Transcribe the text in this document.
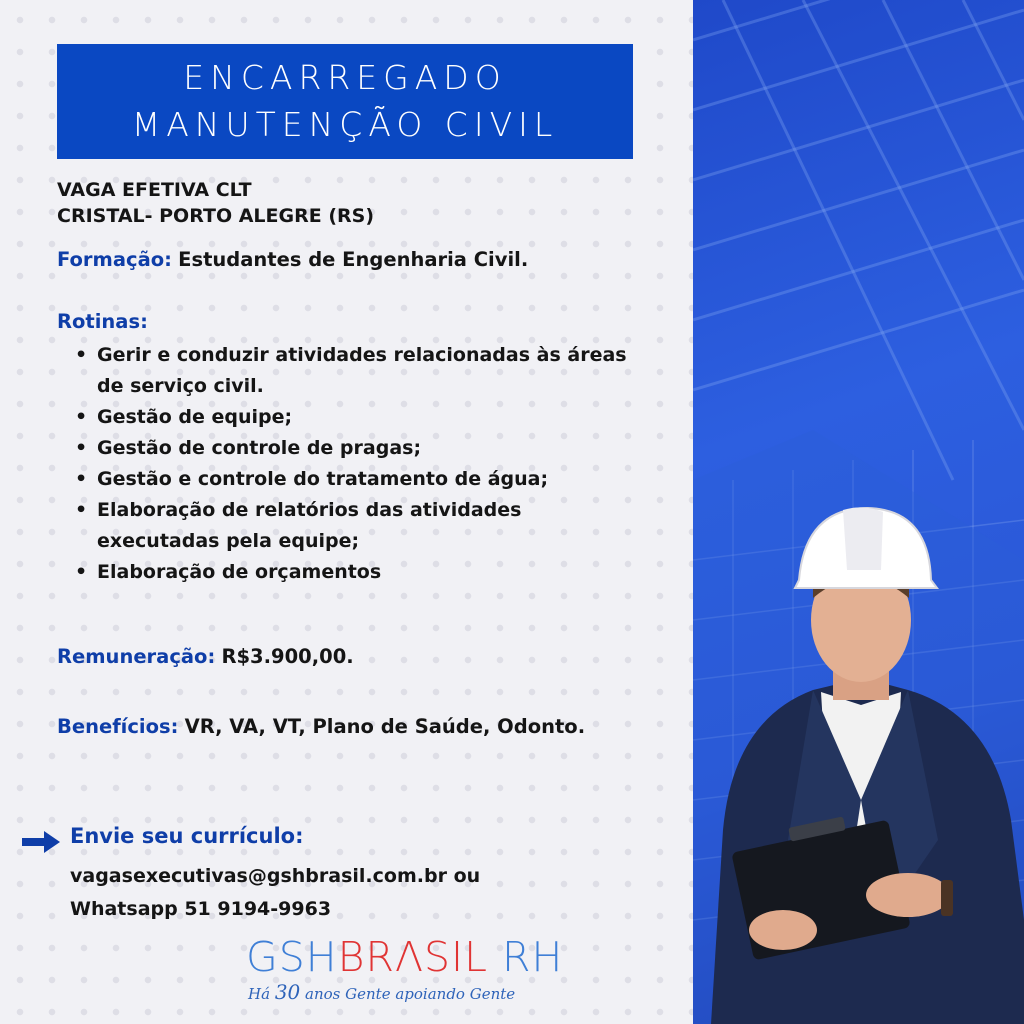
ENCARREGADO
MANUTENÇÃO CIVIL
VAGA EFETIVA CLT
CRISTAL- PORTO ALEGRE (RS)
Formação: Estudantes de Engenharia Civil.
Rotinas:
• Gerir e conduzir atividades relacionadas às áreas de serviço civil.
• Gestão de equipe;
• Gestão de controle de pragas;
• Gestão e controle do tratamento de água;
• Elaboração de relatórios das atividades executadas pela equipe;
• Elaboração de orçamentos
Remuneração: R$3.900,00.
Benefícios: VR, VA, VT, Plano de Saúde, Odonto.
Envie seu currículo:
vagasexecutivas@gshbrasil.com.br ou
Whatsapp 51 9194-9963
GSHBRΛSIL RH
Há 30 anos Gente apoiando Gente
